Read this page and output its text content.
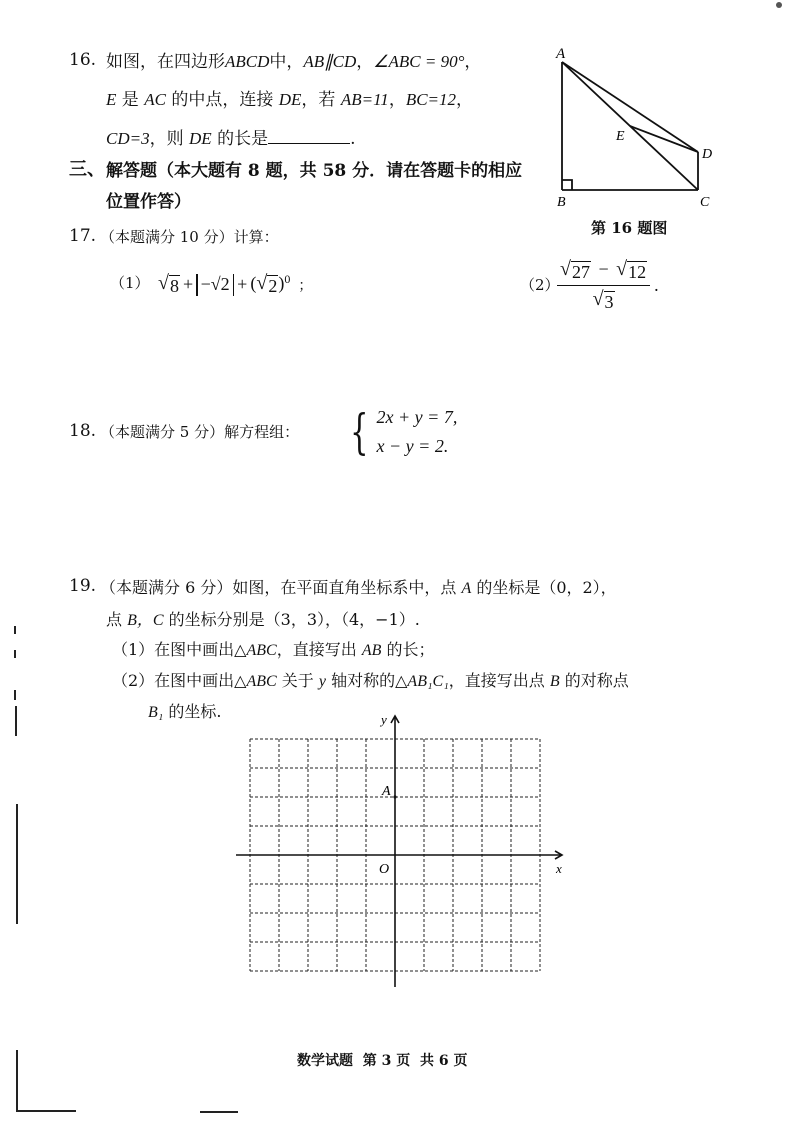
16. 如图，在四边形ABCD中，AB∥CD，∠ABC = 90°，
E 是 AC 的中点，连接 DE，若 AB=11，BC=12，
CD=3，则 DE 的长是	.
A
B	C
D
E
第 16 题图
三、 解答题（本大题有 8 题，共 58 分．请在答题卡的相应
位置作答）
17. （本题满分 10 分）计算：
（1） √ 8 + −√2 + ( √ 2 )$^0$ ；	（2）
$\frac{√ 27 - √ 12}{√ 3}$ .
18. （本题满分 5 分）解方程组： { 2x + y = 7,
x − y = 2.
19. （本题满分 6 分）如图，在平面直角坐标系中，点 A 的坐标是（0，2），
点 B，C 的坐标分别是（3，3），（4，−1）.
（1）在图中画出△ABC，直接写出 AB 的长；
（2）在图中画出△ABC 关于 y 轴对称的△AB₁C₁，直接写出点 B 的对称点
B₁ 的坐标.
x
y
O
A
数学试题  第 3 页  共 6 页
